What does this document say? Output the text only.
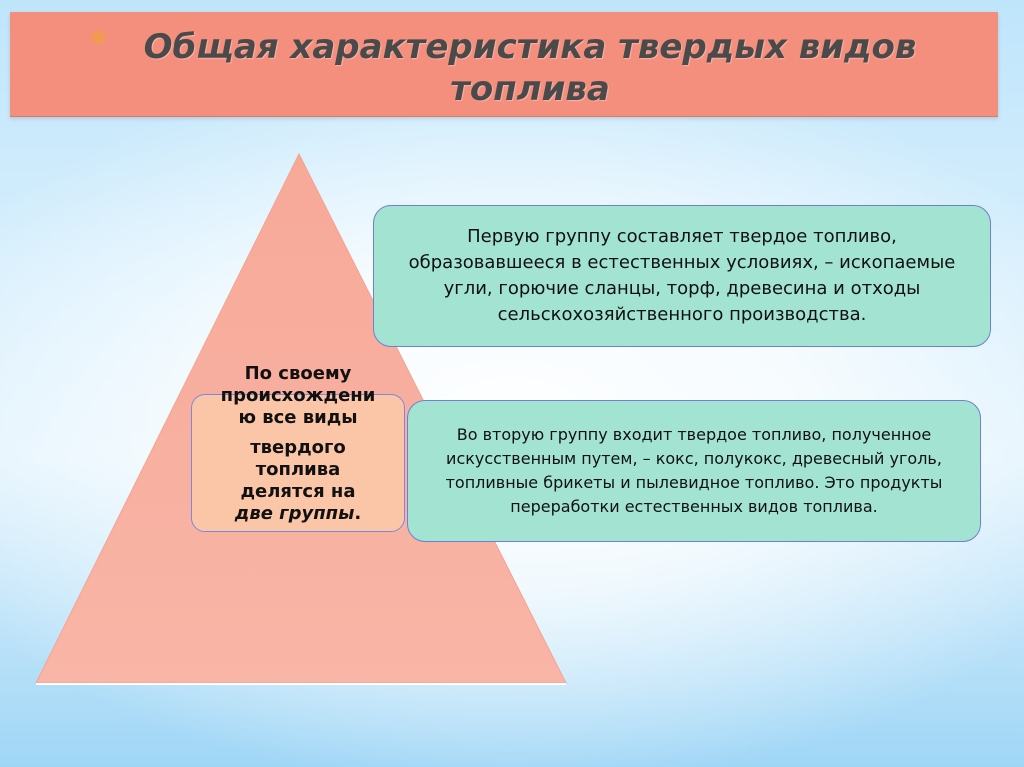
*	Общая характеристика твердых видов топлива
По своему
происхождени
ю все виды
твердого
топлива
делятся на
две группы.
Первую группу составляет твердое топливо, образовавшееся в естественных условиях, – ископаемые угли, горючие сланцы, торф, древесина и отходы сельскохозяйственного производства.
Во вторую группу входит твердое топливо, полученное искусственным путем, – кокс, полукокс, древесный уголь, топливные брикеты и пылевидное топливо. Это продукты переработки естественных видов топлива.
